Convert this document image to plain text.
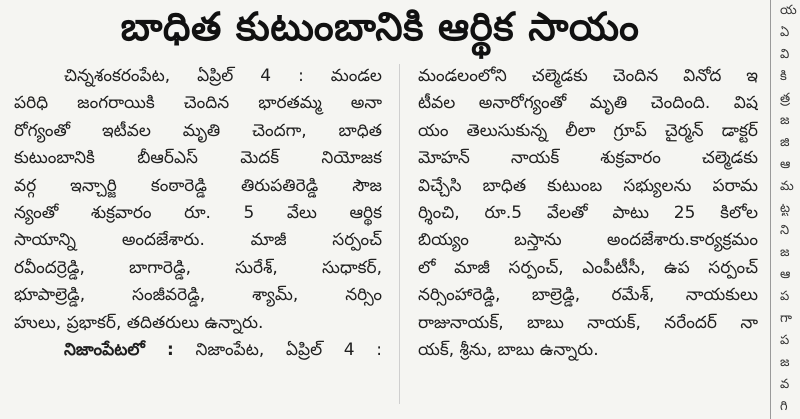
బాధిత కుటుంబానికి ఆర్థిక సాయం
చిన్నశంకరంపేట, ఏప్రిల్ 4 : మండల
పరిధి జంగరాయికి చెందిన భారతమ్మ అనా
రోగ్యంతో ఇటీవల మృతి చెందగా, బాధిత
కుటుంబానికి బీఆర్ఎస్ మెదక్ నియోజక
వర్గ ఇన్చార్జి కంఠారెడ్డి తిరుపతిరెడ్డి సౌజ
న్యంతో శుక్రవారం రూ. 5 వేలు ఆర్థిక
సాయాన్ని అందజేశారు. మాజీ సర్పంచ్
రవీందర్రెడ్డి, బాగారెడ్డి, సురేశ్, సుధాకర్,
భూపాల్రెడ్డి, సంజీవరెడ్డి, శ్యామ్, నర్సిం
హులు, ప్రభాకర్, తదితరులు ఉన్నారు.
నిజాంపేటలో : నిజాంపేట, ఏప్రిల్ 4 :
మండలంలోని చల్మెడకు చెందిన వినోద ఇ
టీవల అనారోగ్యంతో మృతి చెందింది. విష
యం తెలుసుకున్న లీలా గ్రూప్ చైర్మన్ డాక్టర్
మోహన్ నాయక్ శుక్రవారం చల్మెడకు
విచ్చేసి బాధిత కుటుంబ సభ్యులను పరామ
ర్శించి, రూ.5 వేలతో పాటు 25 కిలోల
బియ్యం బస్తాను అందజేశారు.కార్యక్రమం
లో మాజీ సర్పంచ్, ఎంపీటీసీ, ఉప సర్పంచ్
నర్సింహారెడ్డి, బాల్రెడ్డి, రమేశ్, నాయకులు
రాజునాయక్, బాబు నాయక్, నరేందర్ నా
యక్, శ్రీను, బాబు ఉన్నారు.
య
ఏ
వి
కి
త్ర
జ
జి
ఆ
మ
ట్ట
ని
జ
ఆ
ప
గా
ప
జ
వ
గి
